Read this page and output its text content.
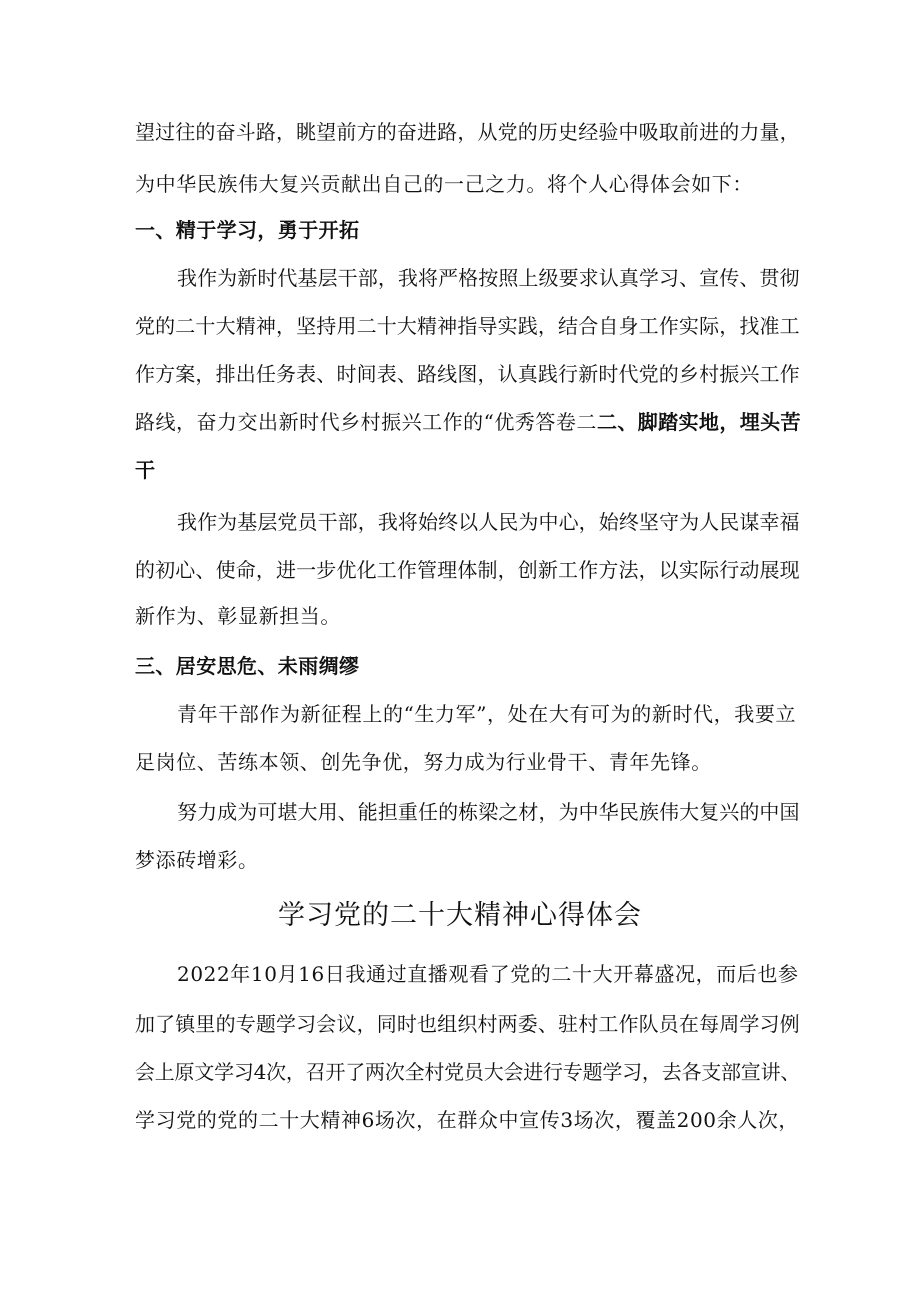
望过往的奋斗路，眺望前方的奋进路，从党的历史经验中吸取前进的力量，
为中华民族伟大复兴贡献出自己的一己之力。将个人心得体会如下：
一、精于学习，勇于开拓
我作为新时代基层干部，我将严格按照上级要求认真学习、宣传、贯彻
党的二十大精神，坚持用二十大精神指导实践，结合自身工作实际，找准工
作方案，排出任务表、时间表、路线图，认真践行新时代党的乡村振兴工作
路线，奋力交出新时代乡村振兴工作的“优秀答卷二二、脚踏实地，埋头苦
干
我作为基层党员干部，我将始终以人民为中心，始终坚守为人民谋幸福
的初心、使命，进一步优化工作管理体制，创新工作方法，以实际行动展现
新作为、彰显新担当。
三、居安思危、未雨绸缪
青年干部作为新征程上的“生力军”，处在大有可为的新时代，我要立
足岗位、苦练本领、创先争优，努力成为行业骨干、青年先锋。
努力成为可堪大用、能担重任的栋梁之材，为中华民族伟大复兴的中国
梦添砖增彩。
学习党的二十大精神心得体会
2022年10月16日我通过直播观看了党的二十大开幕盛况，而后也参
加了镇里的专题学习会议，同时也组织村两委、驻村工作队员在每周学习例
会上原文学习4次，召开了两次全村党员大会进行专题学习，去各支部宣讲、
学习党的党的二十大精神6场次，在群众中宣传3场次，覆盖200余人次，
